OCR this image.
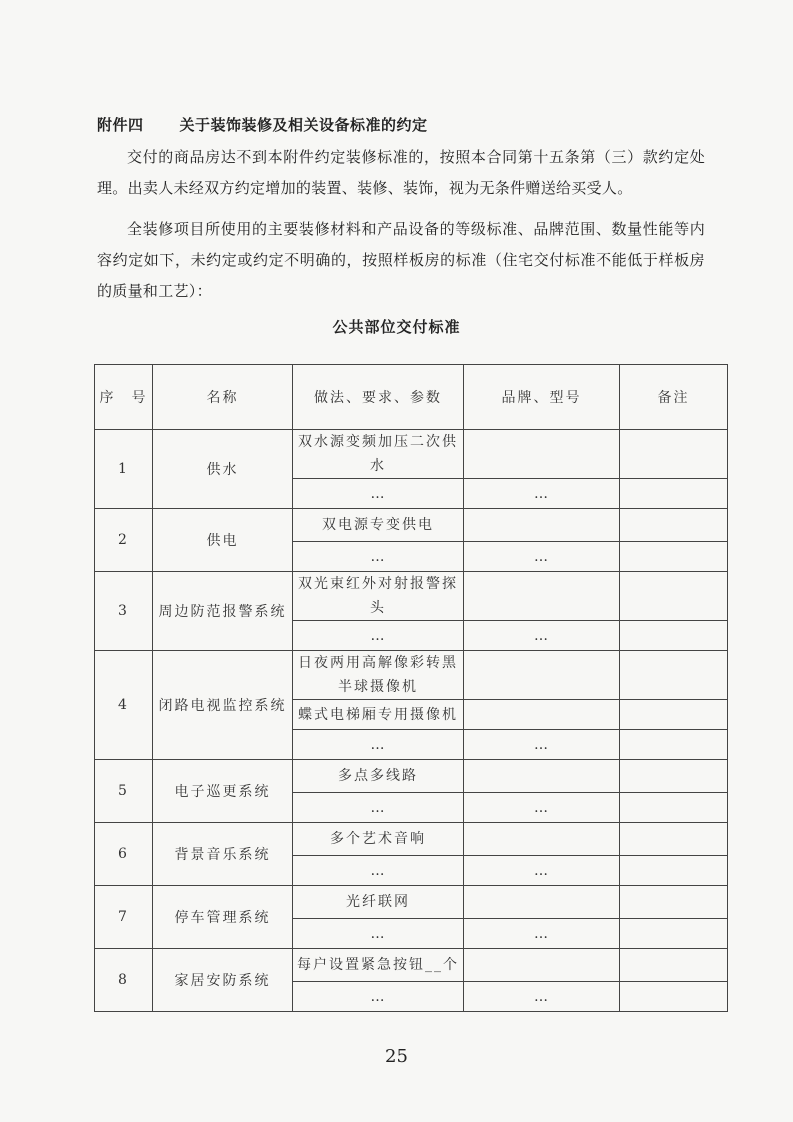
附件四 关于装饰装修及相关设备标准的约定

交付的商品房达不到本附件约定装修标准的，按照本合同第十五条第（三）款约定处理。出卖人未经双方约定增加的装置、装修、装饰，视为无条件赠送给买受人。

全装修项目所使用的主要装修材料和产品设备的等级标准、品牌范围、数量性能等内容约定如下，未约定或约定不明确的，按照样板房的标准（住宅交付标准不能低于样板房的质量和工艺）：

公共部位交付标准
序　号	名称	做法、要求、参数	品牌、型号	备注
1	供水	双水源变频加压二次供水		
		…	…	
2	供电	双电源专变供电		
		…	…	
3	周边防范报警系统	双光束红外对射报警探头		
		…	…	
4	闭路电视监控系统	日夜两用高解像彩转黑半球摄像机		
		蝶式电梯厢专用摄像机		
		…	…	
5	电子巡更系统	多点多线路		
		…	…	
6	背景音乐系统	多个艺术音响		
		…	…	
7	停车管理系统	光纤联网		
		…	…	
8	家居安防系统	每户设置紧急按钮__个		
		…	…	
25
